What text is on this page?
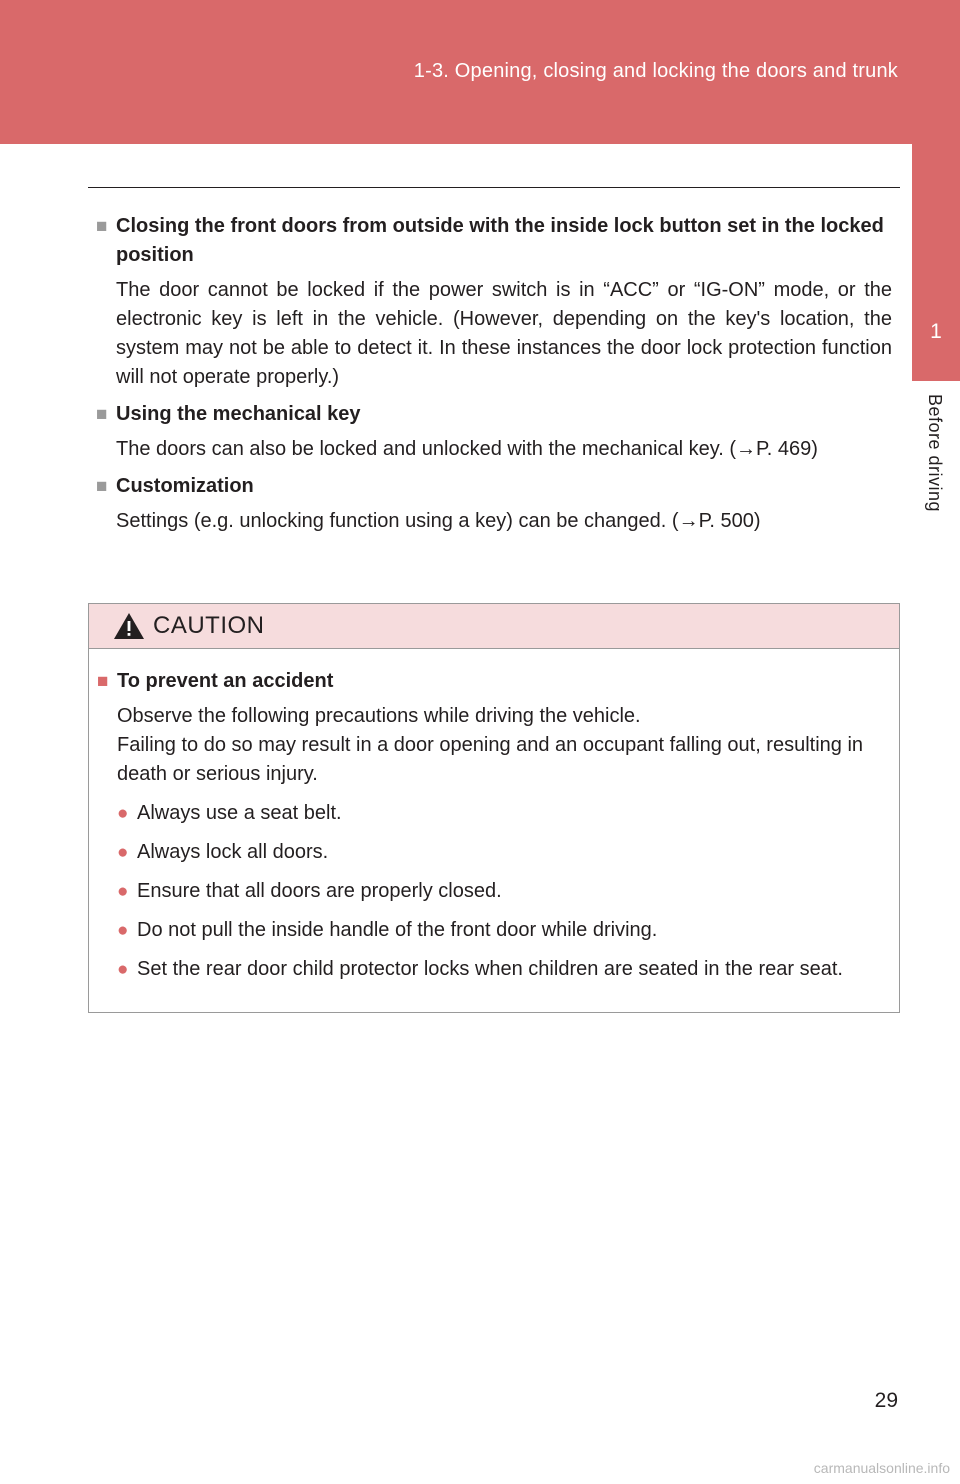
1-3. Opening, closing and locking the doors and trunk
1
Before driving
■ Closing the front doors from outside with the inside lock button set in the locked position
The door cannot be locked if the power switch is in “ACC” or “IG-ON” mode, or the electronic key is left in the vehicle. (However, depending on the key's location, the system may not be able to detect it. In these instances the door lock protection function will not operate properly.)
■ Using the mechanical key
The doors can also be locked and unlocked with the mechanical key. (→P. 469)
■ Customization
Settings (e.g. unlocking function using a key) can be changed. (→P. 500)
CAUTION
■ To prevent an accident
Observe the following precautions while driving the vehicle.
Failing to do so may result in a door opening and an occupant falling out, resulting in death or serious injury.
● Always use a seat belt.
● Always lock all doors.
● Ensure that all doors are properly closed.
● Do not pull the inside handle of the front door while driving.
● Set the rear door child protector locks when children are seated in the rear seat.
29
carmanualsonline.info
